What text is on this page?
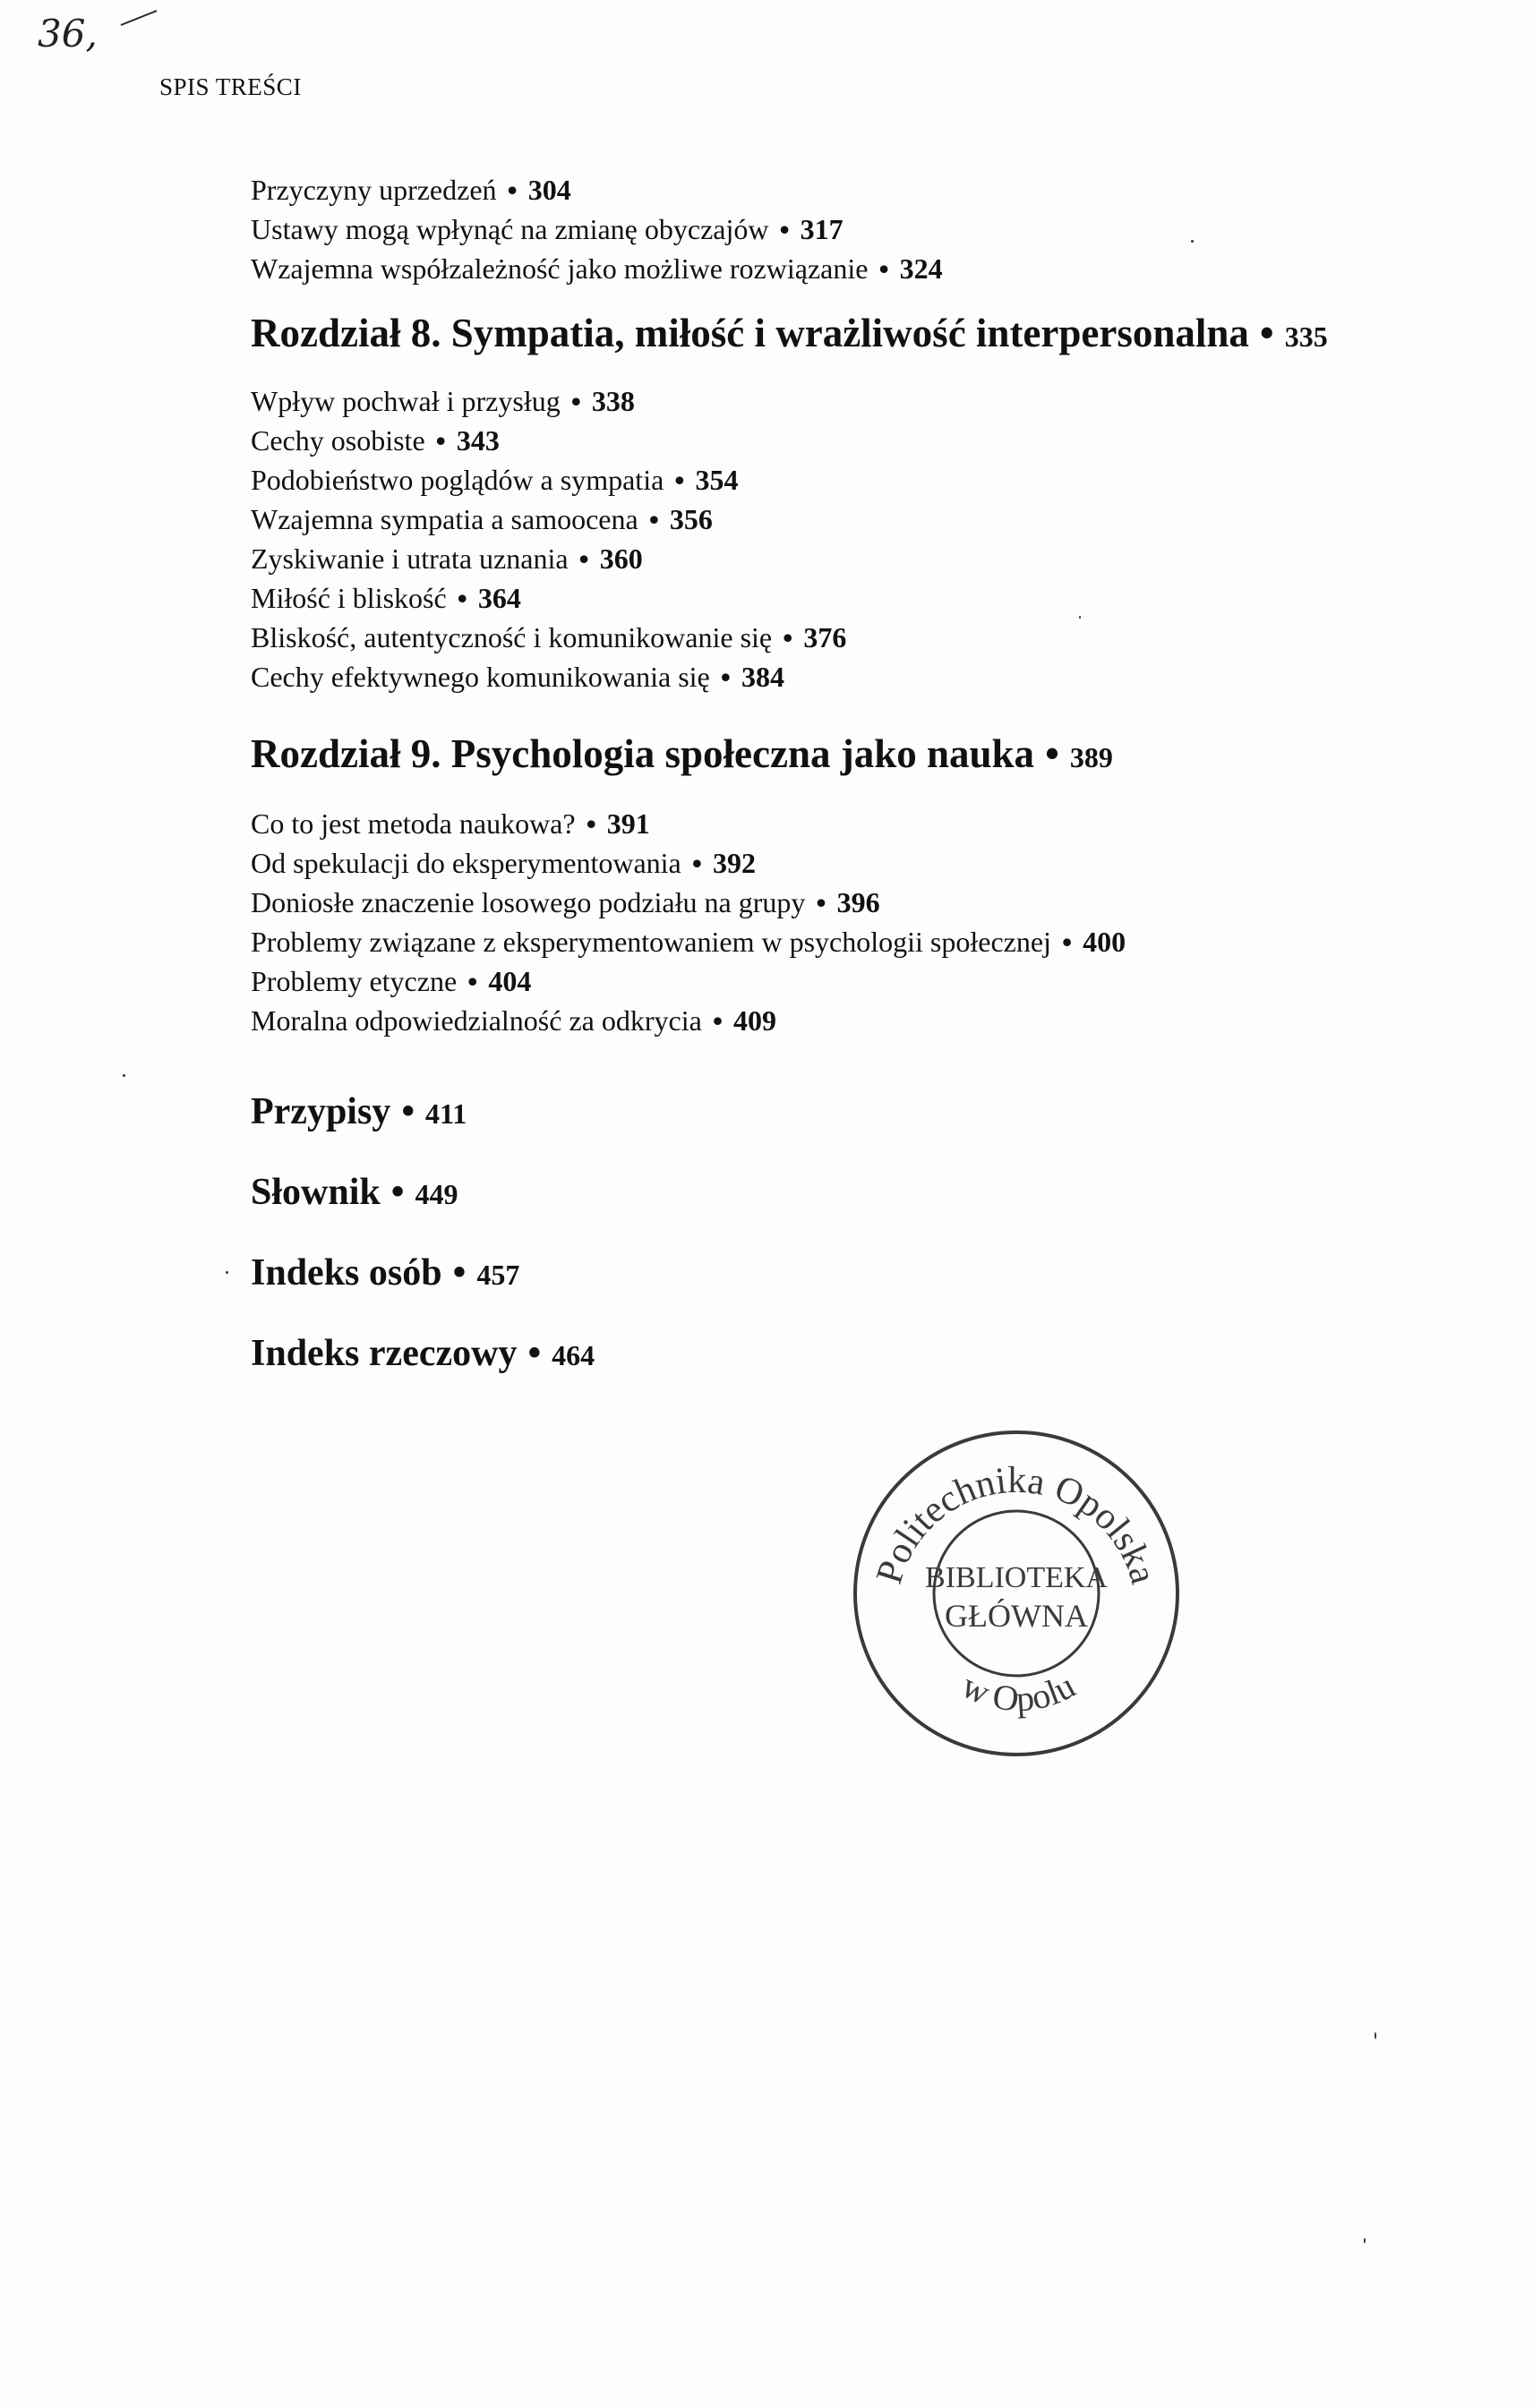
36,
SPIS TREŚCI
Przyczyny uprzedzeń • 304
Ustawy mogą wpłynąć na zmianę obyczajów • 317
Wzajemna współzależność jako możliwe rozwiązanie • 324
Rozdział 8. Sympatia, miłość i wrażliwość interpersonalna • 335
Wpływ pochwał i przysług • 338
Cechy osobiste • 343
Podobieństwo poglądów a sympatia • 354
Wzajemna sympatia a samoocena • 356
Zyskiwanie i utrata uznania • 360
Miłość i bliskość • 364
Bliskość, autentyczność i komunikowanie się • 376
Cechy efektywnego komunikowania się • 384
Rozdział 9. Psychologia społeczna jako nauka • 389
Co to jest metoda naukowa? • 391
Od spekulacji do eksperymentowania • 392
Doniosłe znaczenie losowego podziału na grupy • 396
Problemy związane z eksperymentowaniem w psychologii społecznej • 400
Problemy etyczne • 404
Moralna odpowiedzialność za odkrycia • 409
Przypisy • 411
Słownik • 449
Indeks osób • 457
Indeks rzeczowy • 464
Politechnika Opolska
w Opolu
BIBLIOTEKA
GŁÓWNA
